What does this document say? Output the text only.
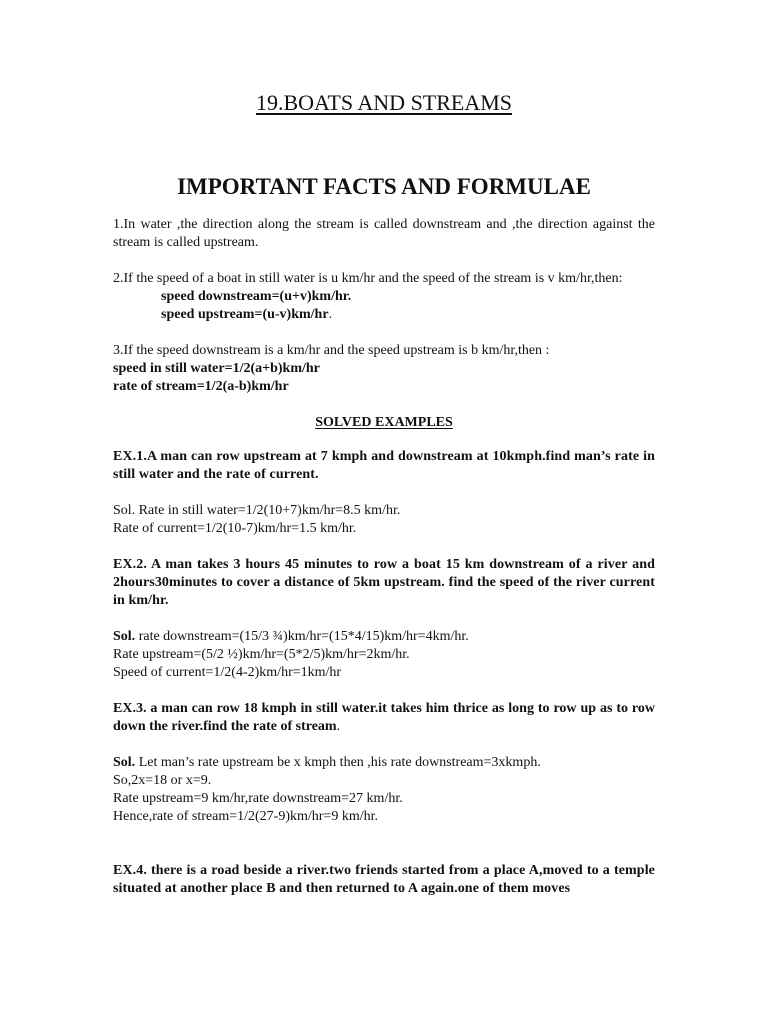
19.BOATS AND STREAMS
IMPORTANT FACTS AND FORMULAE

1.In water ,the direction along the stream is called downstream and ,the direction against the stream is called upstream.

2.If the speed of a boat in still water is u km/hr and the speed of the stream is v km/hr,then:

speed downstream=(u+v)km/hr.

speed upstream=(u-v)km/hr.

3.If the speed downstream is a km/hr and the speed upstream is b km/hr,then :

speed in still water=1/2(a+b)km/hr

rate of stream=1/2(a-b)km/hr

SOLVED EXAMPLES

EX.1.A man can row upstream at 7 kmph and downstream at 10kmph.find man’s rate in still water and the rate of current.

Sol. Rate in still water=1/2(10+7)km/hr=8.5 km/hr.

Rate of current=1/2(10-7)km/hr=1.5 km/hr.

EX.2. A man takes 3 hours 45 minutes to row a boat 15 km downstream of a river and 2hours30minutes to cover a distance of 5km upstream. find the speed of the river current in km/hr.

Sol. rate downstream=(15/3 ¾)km/hr=(15*4/15)km/hr=4km/hr.

Rate upstream=(5/2 ½)km/hr=(5*2/5)km/hr=2km/hr.

Speed of current=1/2(4-2)km/hr=1km/hr

EX.3. a man can row 18 kmph in still water.it takes him thrice as long to row up as to row down the river.find the rate of stream.

Sol. Let man’s rate upstream be x kmph then ,his rate downstream=3xkmph.

So,2x=18 or x=9.

Rate upstream=9 km/hr,rate downstream=27 km/hr.

Hence,rate of stream=1/2(27-9)km/hr=9 km/hr.

EX.4. there is a road beside a river.two friends started from a place A,moved to a temple situated at another place B and then returned to A again.one of them moves
